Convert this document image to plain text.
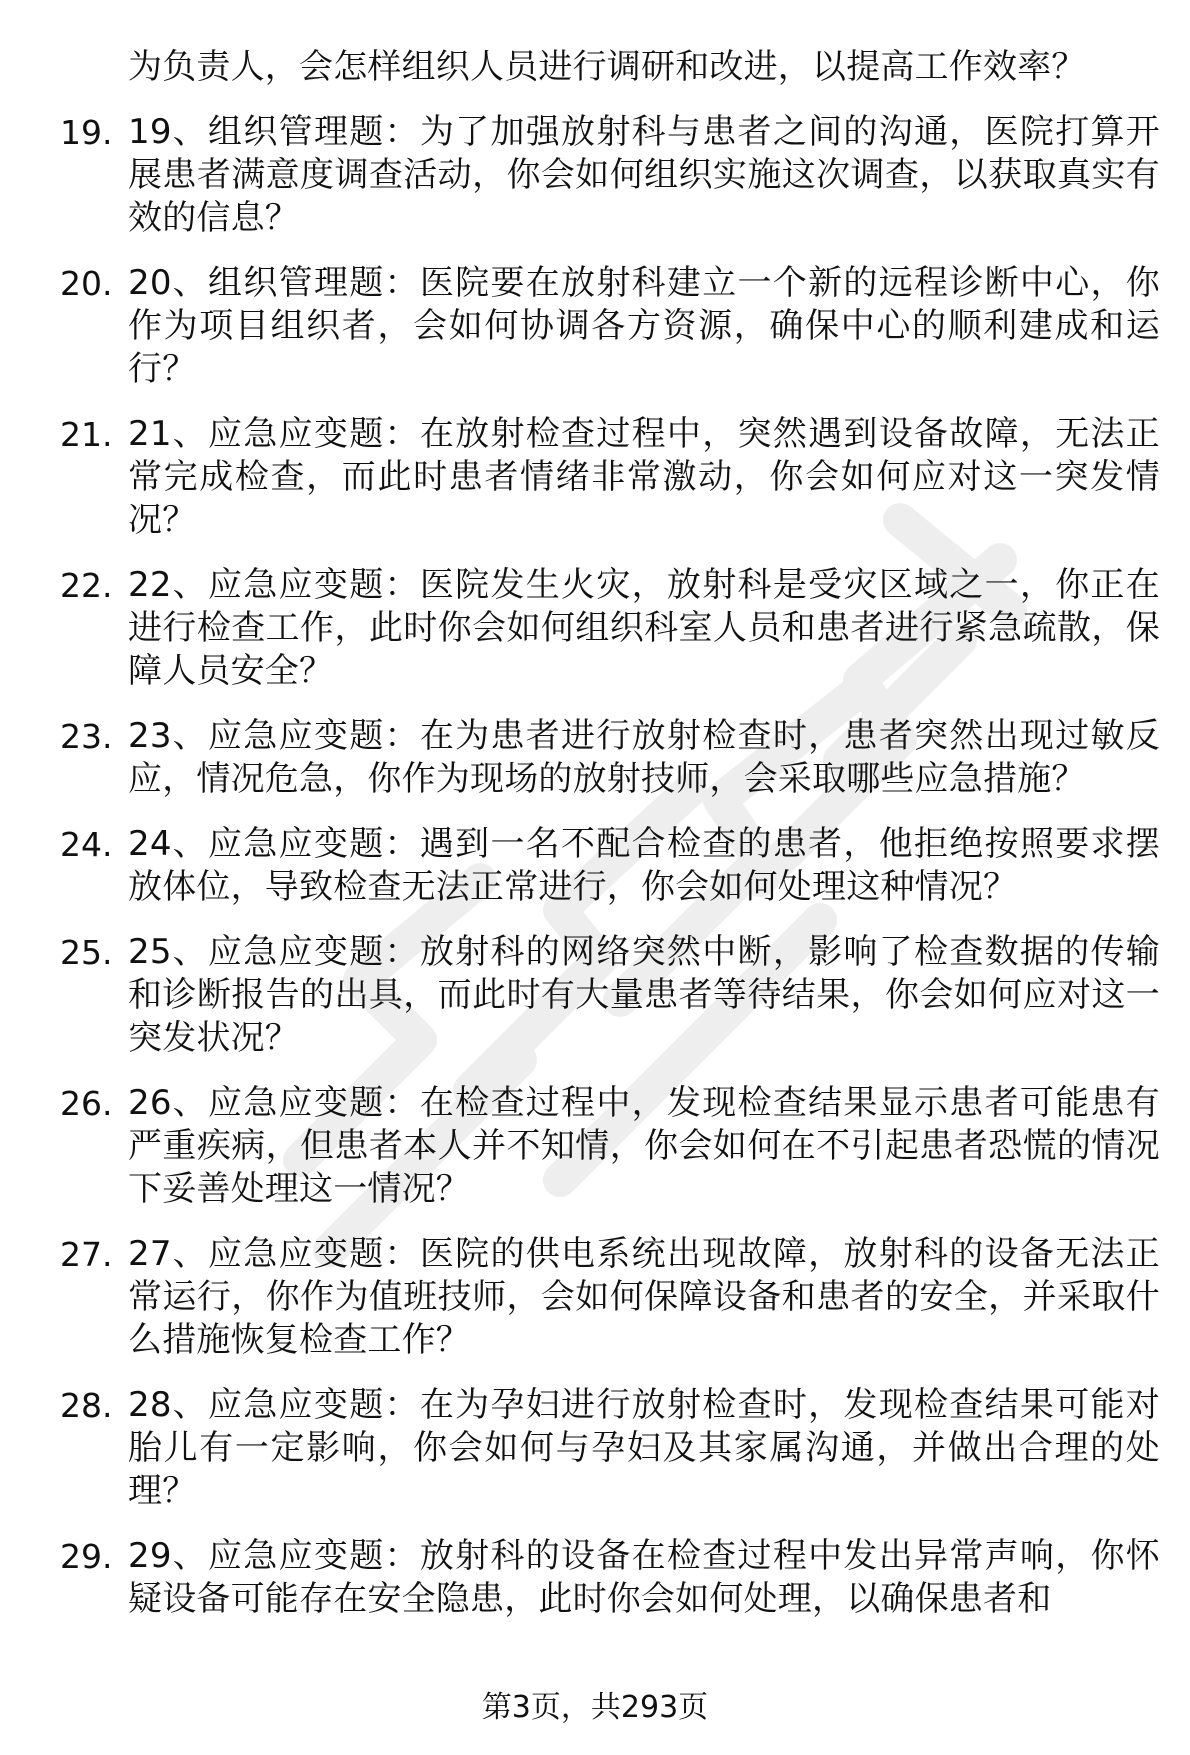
为负责人，会怎样组织人员进行调研和改进，以提高工作效率？

19. 19、组织管理题：为了加强放射科与患者之间的沟通，医院打算开展患者满意度调查活动，你会如何组织实施这次调查，以获取真实有效的信息？
20. 20、组织管理题：医院要在放射科建立一个新的远程诊断中心，你作为项目组织者，会如何协调各方资源，确保中心的顺利建成和运行？
21. 21、应急应变题：在放射检查过程中，突然遇到设备故障，无法正常完成检查，而此时患者情绪非常激动，你会如何应对这一突发情况？
22. 22、应急应变题：医院发生火灾，放射科是受灾区域之一，你正在进行检查工作，此时你会如何组织科室人员和患者进行紧急疏散，保障人员安全？
23. 23、应急应变题：在为患者进行放射检查时，患者突然出现过敏反应，情况危急，你作为现场的放射技师，会采取哪些应急措施？
24. 24、应急应变题：遇到一名不配合检查的患者，他拒绝按照要求摆放体位，导致检查无法正常进行，你会如何处理这种情况？
25. 25、应急应变题：放射科的网络突然中断，影响了检查数据的传输和诊断报告的出具，而此时有大量患者等待结果，你会如何应对这一突发状况？
26. 26、应急应变题：在检查过程中，发现检查结果显示患者可能患有严重疾病，但患者本人并不知情，你会如何在不引起患者恐慌的情况下妥善处理这一情况？
27. 27、应急应变题：医院的供电系统出现故障，放射科的设备无法正常运行，你作为值班技师，会如何保障设备和患者的安全，并采取什么措施恢复检查工作？
28. 28、应急应变题：在为孕妇进行放射检查时，发现检查结果可能对胎儿有一定影响，你会如何与孕妇及其家属沟通，并做出合理的处理？
29. 29、应急应变题：放射科的设备在检查过程中发出异常声响，你怀疑设备可能存在安全隐患，此时你会如何处理，以确保患者和
第3页，共293页
